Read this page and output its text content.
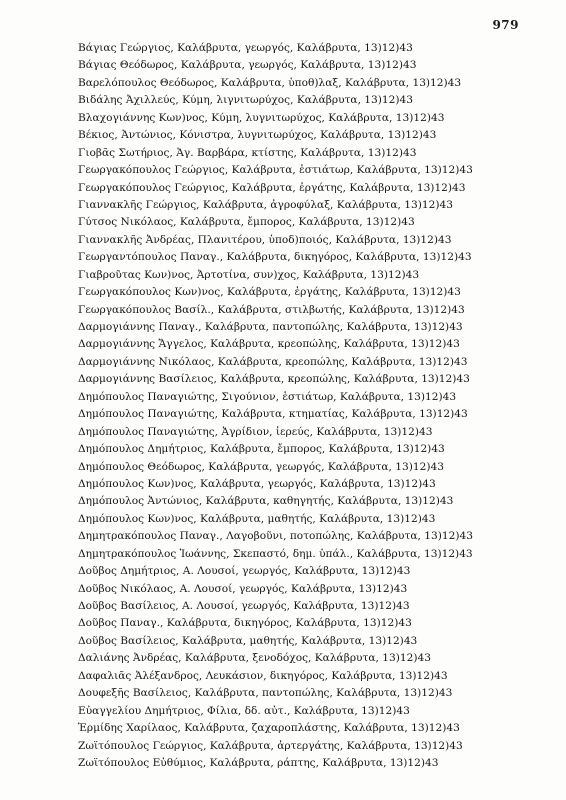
979
Βάγιας Γεώργιος, Καλάβρυτα, γεωργός, Καλάβρυτα, 13)12)43
Βάγιας Θεόδωρος, Καλάβρυτα, γεωργός, Καλάβρυτα, 13)12)43
Βαρελόπουλος Θεόδωρος, Καλάβρυτα, ὑποθ)λαξ, Καλάβρυτα, 13)12)43
Βιδάλης Ἀχιλλεύς, Κύμη, λιγνιτωρύχος, Καλάβρυτα, 13)12)43
Βλαχογιάννης Κων)νος, Κύμη, λυγνιτωρύχος, Καλάβρυτα, 13)12)43
Βέκιος, Ἀντώνιος, Κόνιστρα, λυγνιτωρύχος, Καλάβρυτα, 13)12)43
Γιοβᾶς Σωτήριος, Ἁγ. Βαρβάρα, κτίστης, Καλάβρυτα, 13)12)43
Γεωργακόπουλος Γεώργιος, Καλάβρυτα, ἑστιάτωρ, Καλάβρυτα, 13)12)43
Γεωργακόπουλος Γεώργιος, Καλάβρυτα, ἐργάτης, Καλάβρυτα, 13)12)43
Γιαννακλῆς Γεώργιος, Καλάβρυτα, ἀγροφύλαξ, Καλάβρυτα, 13)12)43
Γύτσος Νικόλαος, Καλάβρυτα, ἔμπορος, Καλάβρυτα, 13)12)43
Γιαννακλῆς Ἀνδρέας, Πλανιτέρου, ὑποδ)ποιός, Καλάβρυτα, 13)12)43
Γεωργαντόπουλος Παναγ., Καλάβρυτα, δικηγόρος, Καλάβρυτα, 13)12)43
Γιαβροῦτας Κων)νος, Ἀρτοτίνα, συν)χος, Καλάβρυτα, 13)12)43
Γεωργακόπουλος Κων)νος, Καλάβρυτα, ἐργάτης, Καλάβρυτα, 13)12)43
Γεωργακόπουλος Βασίλ., Καλάβρυτα, στιλβωτής, Καλάβρυτα, 13)12)43
Δαρμογιάννης Παναγ., Καλάβρυτα, παντοπώλης, Καλάβρυτα, 13)12)43
Δαρμογιάννης Ἄγγελος, Καλάβρυτα, κρεοπώλης, Καλάβρυτα, 13)12)43
Δαρμογιάννης Νικόλαος, Καλάβρυτα, κρεοπώλης, Καλάβρυτα, 13)12)43
Δαρμογιάννης Βασίλειος, Καλάβρυτα, κρεοπώλης, Καλάβρυτα, 13)12)43
Δημόπουλος Παναγιώτης, Σιγούνιον, ἑστιάτωρ, Καλάβρυτα, 13)12)43
Δημόπουλος Παναγιώτης, Καλάβρυτα, κτηματίας, Καλάβρυτα, 13)12)43
Δημόπουλος Παναγιώτης, Ἀγρίδιον, ἱερεύς, Καλάβρυτα, 13)12)43
Δημόπουλος Δημήτριος, Καλάβρυτα, ἔμπορος, Καλάβρυτα, 13)12)43
Δημόπουλος Θεόδωρος, Καλάβρυτα, γεωργός, Καλάβρυτα, 13)12)43
Δημόπουλος Κων)νος, Καλάβρυτα, γεωργός, Καλάβρυτα, 13)12)43
Δημόπουλος Ἀντώνιος, Καλάβρυτα, καθηγητής, Καλάβρυτα, 13)12)43
Δημόπουλος Κων)νος, Καλάβρυτα, μαθητής, Καλάβρυτα, 13)12)43
Δημητρακόπουλος Παναγ., Λαγοβοῦνι, ποτοπώλης, Καλάβρυτα, 13)12)43
Δημητρακόπουλος Ἰωάννης, Σκεπαστό, δημ. ὑπάλ., Καλάβρυτα, 13)12)43
Δοῦβος Δημήτριος, Α. Λουσοί, γεωργός, Καλάβρυτα, 13)12)43
Δοῦβος Νικόλαος, Α. Λουσοί, γεωργός, Καλάβρυτα, 13)12)43
Δοῦβος Βασίλειος, Α. Λουσοί, γεωργός, Καλάβρυτα, 13)12)43
Δοῦβος Παναγ., Καλάβρυτα, δικηγόρος, Καλάβρυτα, 13)12)43
Δοῦβος Βασίλειος, Καλάβρυτα, μαθητής, Καλάβρυτα, 13)12)43
Δαλιάνης Ἀνδρέας, Καλάβρυτα, ξενοδόχος, Καλάβρυτα, 13)12)43
Δαφαλιᾶς Ἀλέξανδρος, Λευκάσιον, δικηγόρος, Καλάβρυτα, 13)12)43
Δουφεξῆς Βασίλειος, Καλάβρυτα, παντοπώλης, Καλάβρυτα, 13)12)43
Εὐαγγελίου Δημήτριος, Φίλια, δδ. αὐτ., Καλάβρυτα, 13)12)43
Ἑρμίδης Χαρίλαος, Καλάβρυτα, ζαχαροπλάστης, Καλάβρυτα, 13)12)43
Ζωϊτόπουλος Γεώργιος, Καλάβρυτα, ἀρτεργάτης, Καλάβρυτα, 13)12)43
Ζωϊτόπουλος Εὐθύμιος, Καλάβρυτα, ράπτης, Καλάβρυτα, 13)12)43
